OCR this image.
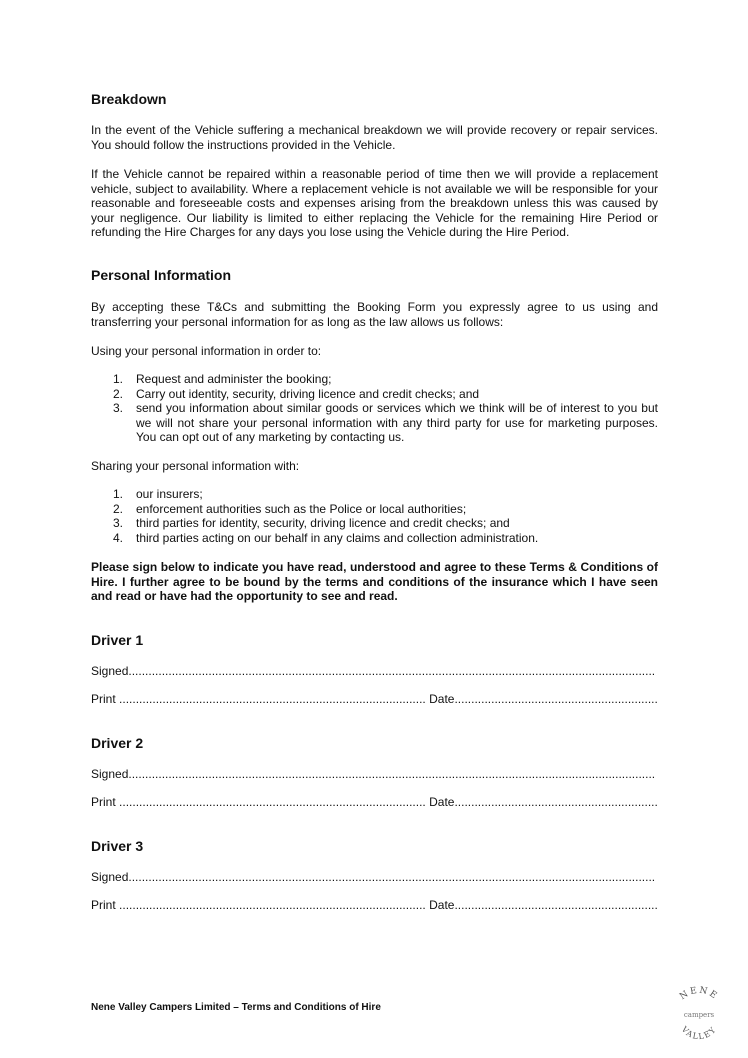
Breakdown

In the event of the Vehicle suffering a mechanical breakdown we will provide recovery or repair services. You should follow the instructions provided in the Vehicle.

If the Vehicle cannot be repaired within a reasonable period of time then we will provide a replacement vehicle, subject to availability. Where a replacement vehicle is not available we will be responsible for your reasonable and foreseeable costs and expenses arising from the breakdown unless this was caused by your negligence. Our liability is limited to either replacing the Vehicle for the remaining Hire Period or refunding the Hire Charges for any days you lose using the Vehicle during the Hire Period.

Personal Information

By accepting these T&Cs and submitting the Booking Form you expressly agree to us using and transferring your personal information for as long as the law allows us follows:

Using your personal information in order to:

1. Request and administer the booking;
2. Carry out identity, security, driving licence and credit checks; and
3. send you information about similar goods or services which we think will be of interest to you but we will not share your personal information with any third party for use for marketing purposes. You can opt out of any marketing by contacting us.

Sharing your personal information with:

1. our insurers;
2. enforcement authorities such as the Police or local authorities;
3. third parties for identity, security, driving licence and credit checks; and
4. third parties acting on our behalf in any claims and collection administration.

Please sign below to indicate you have read, understood and agree to these Terms & Conditions of Hire. I further agree to be bound by the terms and conditions of the insurance which I have seen and read or have had the opportunity to see and read.

Driver 1
Signed..............................................................................................................................................................
Print ............................................................................................ Date.............................................................
Driver 2
Signed..............................................................................................................................................................
Print ............................................................................................ Date.............................................................
Driver 3
Signed..............................................................................................................................................................
Print ............................................................................................ Date.............................................................
Nene Valley Campers Limited – Terms and Conditions of Hire
NENE
campers
VALLEY
